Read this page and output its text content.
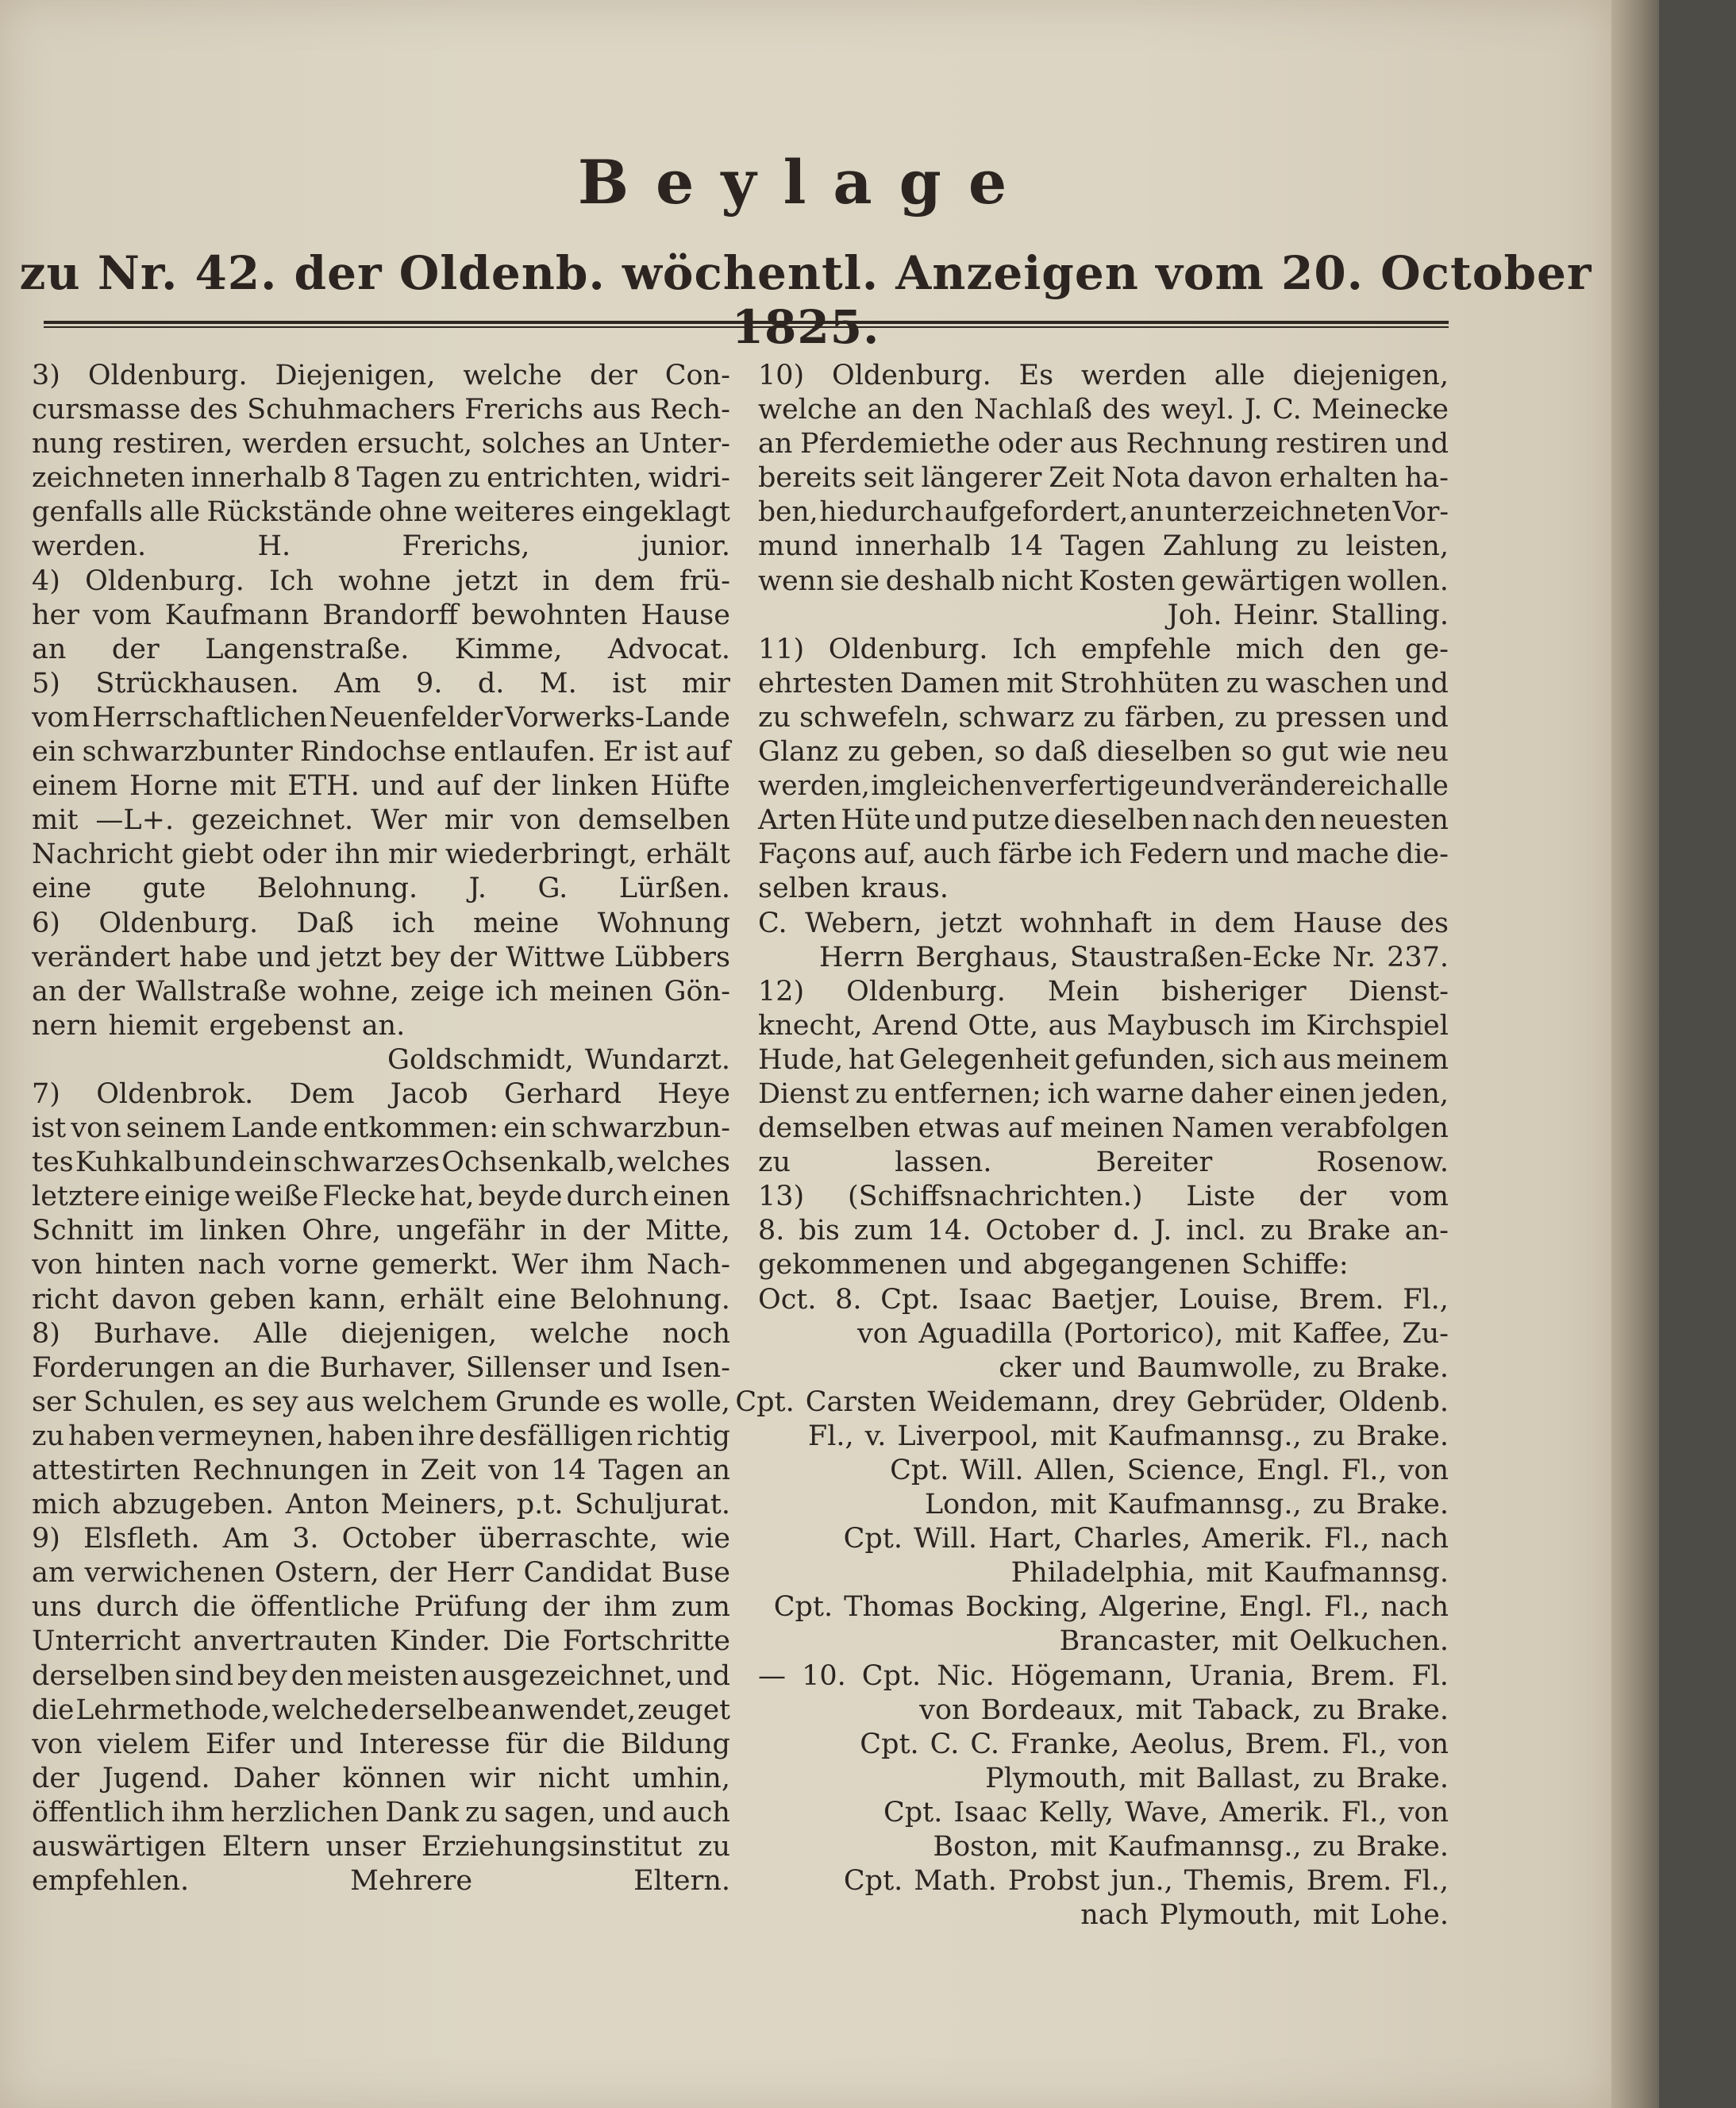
Beylage
zu Nr. 42. der Oldenb. wöchentl. Anzeigen vom 20. October
3) Oldenburg. Diejenigen, welche der Con-
cursmasse des Schuhmachers Frerichs aus Rech-
nung restiren, werden ersucht, solches an Unter-
zeichneten innerhalb 8 Tagen zu entrichten, widri-
genfalls alle Rückstände ohne weiteres eingeklagt
werden.	H.	Frerichs,	junior.
4) Oldenburg. Ich wohne jetzt in dem frü-
her vom Kaufmann Brandorff bewohnten Hause
an der Langenstraße. Kimme, Advocat.
5) Strückhausen. Am 9. d. M. ist mir
vom Herrschaftlichen Neuenfelder Vorwerks-Lande
ein schwarzbunter Rindochse entlaufen. Er ist auf
einem Horne mit ETH. und auf der linken Hüfte
mit —L+. gezeichnet. Wer mir von demselben
Nachricht giebt oder ihn mir wiederbringt, erhält
eine gute Belohnung. J. G. Lürßen.
6) Oldenburg. Daß ich meine Wohnung
verändert habe und jetzt bey der Wittwe Lübbers
an der Wallstraße wohne, zeige ich meinen Gön-
nern hiemit ergebenst an.
Goldschmidt, Wundarzt.
7) Oldenbrok. Dem Jacob Gerhard Heye
ist von seinem Lande entkommen: ein schwarzbun-
tes Kuhkalb und ein schwarzes Ochsenkalb, welches
letztere einige weiße Flecke hat, beyde durch einen
Schnitt im linken Ohre, ungefähr in der Mitte,
von hinten nach vorne gemerkt. Wer ihm Nach-
richt davon geben kann, erhält eine Belohnung.
8) Burhave. Alle diejenigen, welche noch
Forderungen an die Burhaver, Sillenser und Isen-
ser Schulen, es sey aus welchem Grunde es wolle,
zu haben vermeynen, haben ihre desfälligen richtig
attestirten Rechnungen in Zeit von 14 Tagen an
mich abzugeben. Anton Meiners, p.t. Schuljurat.
9) Elsfleth. Am 3. October überraschte, wie
am verwichenen Ostern, der Herr Candidat Buse
uns durch die öffentliche Prüfung der ihm zum
Unterricht anvertrauten Kinder. Die Fortschritte
derselben sind bey den meisten ausgezeichnet, und
die Lehrmethode, welche derselbe anwendet, zeuget
von vielem Eifer und Interesse für die Bildung
der Jugend. Daher können wir nicht umhin,
öffentlich ihm herzlichen Dank zu sagen, und auch
auswärtigen Eltern unser Erziehungsinstitut zu
empfehlen.	Mehrere	Eltern.
10) Oldenburg. Es werden alle diejenigen,
welche an den Nachlaß des weyl. J. C. Meinecke
an Pferdemiethe oder aus Rechnung restiren und
bereits seit längerer Zeit Nota davon erhalten ha-
ben, hiedurch aufgefordert, an unterzeichneten Vor-
mund innerhalb 14 Tagen Zahlung zu leisten,
wenn sie deshalb nicht Kosten gewärtigen wollen.
Joh. Heinr. Stalling.
11) Oldenburg. Ich empfehle mich den ge-
ehrtesten Damen mit Strohhüten zu waschen und
zu schwefeln, schwarz zu färben, zu pressen und
Glanz zu geben, so daß dieselben so gut wie neu
werden, imgleichen verfertige und verändere ich alle
Arten Hüte und putze dieselben nach den neuesten
Façons auf, auch färbe ich Federn und mache die-
selben kraus.
C. Webern, jetzt wohnhaft in dem Hause des
Herrn Berghaus, Staustraßen-Ecke Nr. 237.
12) Oldenburg. Mein bisheriger Dienst-
knecht, Arend Otte, aus Maybusch im Kirchspiel
Hude, hat Gelegenheit gefunden, sich aus meinem
Dienst zu entfernen; ich warne daher einen jeden,
demselben etwas auf meinen Namen verabfolgen
zu	lassen.	Bereiter	Rosenow.
13) (Schiffsnachrichten.) Liste der vom
8. bis zum 14. October d. J. incl. zu Brake an-
gekommenen und abgegangenen Schiffe:
Oct. 8. Cpt. Isaac Baetjer, Louise, Brem. Fl.,
von Aguadilla (Portorico), mit Kaffee, Zu-
cker und Baumwolle, zu Brake.
Cpt. Carsten Weidemann, drey Gebrüder, Oldenb.
Fl., v. Liverpool, mit Kaufmannsg., zu Brake.
Cpt. Will. Allen, Science, Engl. Fl., von
London, mit Kaufmannsg., zu Brake.
Cpt. Will. Hart, Charles, Amerik. Fl., nach
Philadelphia, mit Kaufmannsg.
Cpt. Thomas Bocking, Algerine, Engl. Fl., nach
Brancaster, mit Oelkuchen.
— 10. Cpt. Nic. Högemann, Urania, Brem. Fl.
von Bordeaux, mit Taback, zu Brake.
Cpt. C. C. Franke, Aeolus, Brem. Fl., von
Plymouth, mit Ballast, zu Brake.
Cpt. Isaac Kelly, Wave, Amerik. Fl., von
Boston, mit Kaufmannsg., zu Brake.
Cpt. Math. Probst jun., Themis, Brem. Fl.,
nach Plymouth, mit Lohe.
